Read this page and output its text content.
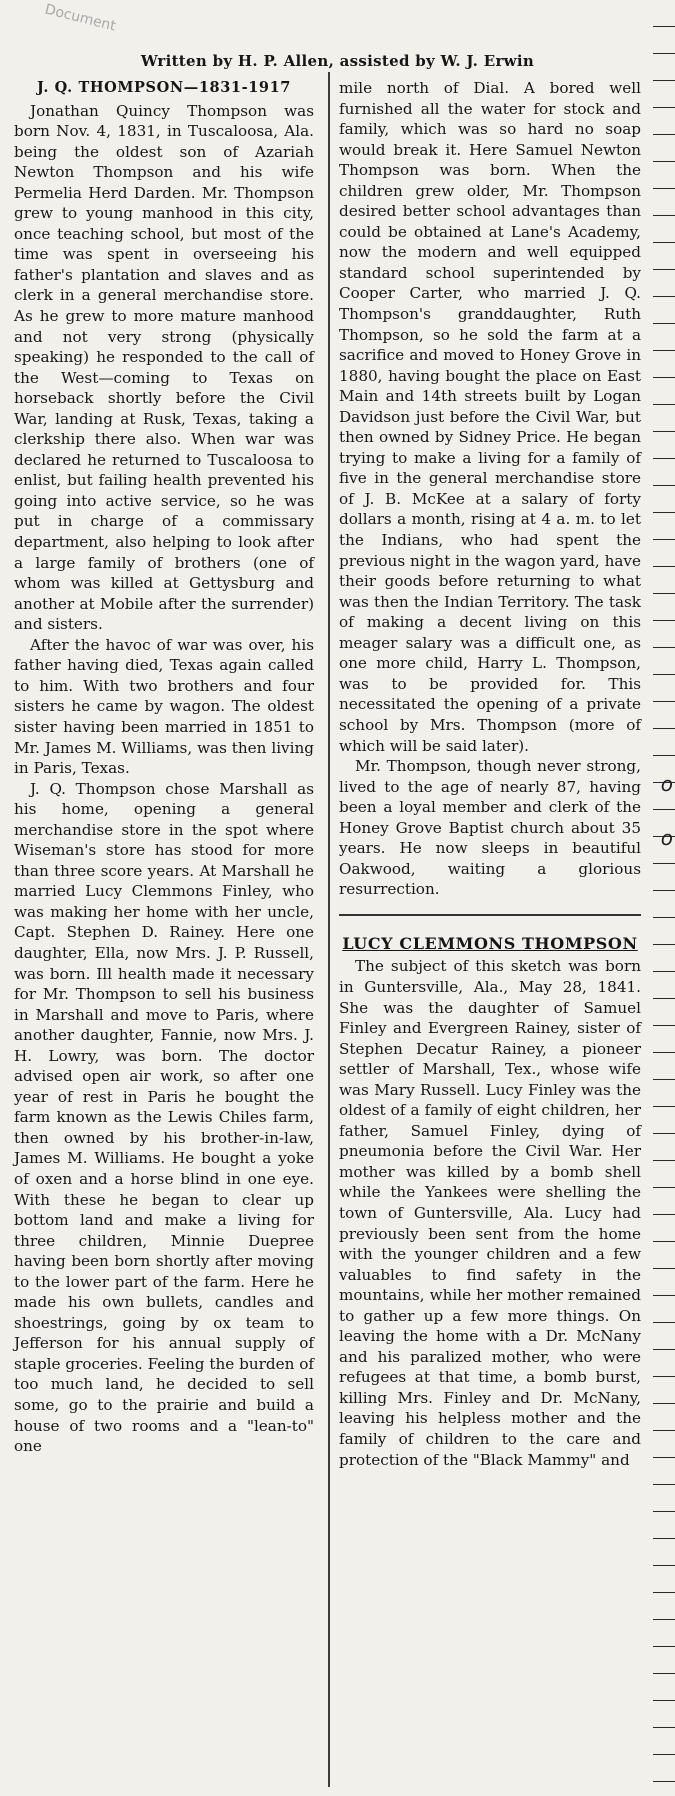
Document
Written by H. P. Allen, assisted by W. J. Erwin
J. Q. THOMPSON—1831-1917

Jonathan Quincy Thompson was born Nov. 4, 1831, in Tuscaloosa, Ala. being the oldest son of Azariah Newton Thompson and his wife Permelia Herd Darden. Mr. Thompson grew to young manhood in this city, once teaching school, but most of the time was spent in overseeing his father's plantation and slaves and as clerk in a general merchandise store. As he grew to more mature manhood and not very strong (physically speaking) he responded to the call of the West—coming to Texas on horseback shortly before the Civil War, landing at Rusk, Texas, taking a clerkship there also. When war was declared he returned to Tuscaloosa to enlist, but failing health prevented his going into active service, so he was put in charge of a commissary department, also helping to look after a large family of brothers (one of whom was killed at Gettysburg and another at Mobile after the surrender) and sisters.

After the havoc of war was over, his father having died, Texas again called to him. With two brothers and four sisters he came by wagon. The oldest sister having been married in 1851 to Mr. James M. Williams, was then living in Paris, Texas.

J. Q. Thompson chose Marshall as his home, opening a general merchandise store in the spot where Wiseman's store has stood for more than three score years. At Marshall he married Lucy Clemmons Finley, who was making her home with her uncle, Capt. Stephen D. Rainey. Here one daughter, Ella, now Mrs. J. P. Russell, was born. Ill health made it necessary for Mr. Thompson to sell his business in Marshall and move to Paris, where another daughter, Fannie, now Mrs. J. H. Lowry, was born. The doctor advised open air work, so after one year of rest in Paris he bought the farm known as the Lewis Chiles farm, then owned by his brother-in-law, James M. Williams. He bought a yoke of oxen and a horse blind in one eye. With these he began to clear up bottom land and make a living for three children, Minnie Duepree having been born shortly after moving to the lower part of the farm. Here he made his own bullets, candles and shoestrings, going by ox team to Jefferson for his annual supply of staple groceries. Feeling the burden of too much land, he decided to sell some, go to the prairie and build a house of two rooms and a "lean-to" one

mile north of Dial. A bored well furnished all the water for stock and family, which was so hard no soap would break it. Here Samuel Newton Thompson was born. When the children grew older, Mr. Thompson desired better school advantages than could be obtained at Lane's Academy, now the modern and well equipped standard school superintended by Cooper Carter, who married J. Q. Thompson's granddaughter, Ruth Thompson, so he sold the farm at a sacrifice and moved to Honey Grove in 1880, having bought the place on East Main and 14th streets built by Logan Davidson just before the Civil War, but then owned by Sidney Price. He began trying to make a living for a family of five in the general merchandise store of J. B. McKee at a salary of forty dollars a month, rising at 4 a. m. to let the Indians, who had spent the previous night in the wagon yard, have their goods before returning to what was then the Indian Territory. The task of making a decent living on this meager salary was a difficult one, as one more child, Harry L. Thompson, was to be provided for. This necessitated the opening of a private school by Mrs. Thompson (more of which will be said later).

Mr. Thompson, though never strong, lived to the age of nearly 87, having been a loyal member and clerk of the Honey Grove Baptist church about 35 years. He now sleeps in beautiful Oakwood, waiting a glorious resurrection.

LUCY CLEMMONS THOMPSON

The subject of this sketch was born in Guntersville, Ala., May 28, 1841. She was the daughter of Samuel Finley and Evergreen Rainey, sister of Stephen Decatur Rainey, a pioneer settler of Marshall, Tex., whose wife was Mary Russell. Lucy Finley was the oldest of a family of eight children, her father, Samuel Finley, dying of pneumonia before the Civil War. Her mother was killed by a bomb shell while the Yankees were shelling the town of Guntersville, Ala. Lucy had previously been sent from the home with the younger children and a few valuables to find safety in the mountains, while her mother remained to gather up a few more things. On leaving the home with a Dr. McNany and his paralized mother, who were refugees at that time, a bomb burst, killing Mrs. Finley and Dr. McNany, leaving his helpless mother and the family of children to the care and protection of the "Black Mammy" and

o
o
